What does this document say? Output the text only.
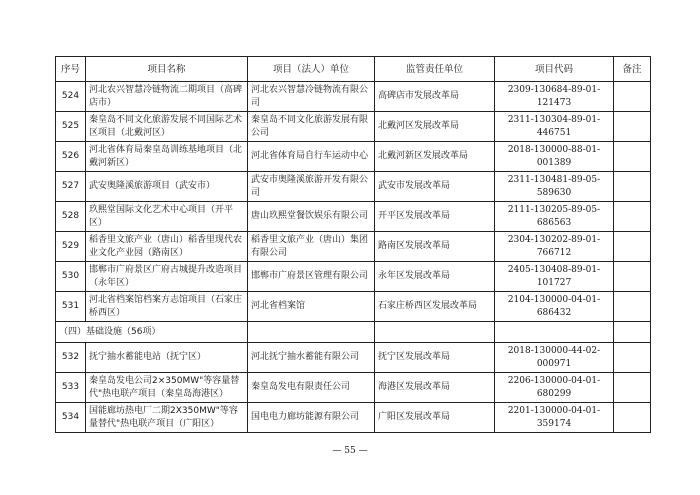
序号	项目名称	项目（法人）单位	监管责任单位	项目代码	备注
524	河北农兴智慧冷链物流二期项目（高碑店市）	河北农兴智慧冷链物流有限公司	高碑店市发展改革局	2309-130684-89-01-121473	
525	秦皇岛不同文化旅游发展不同国际艺术区项目（北戴河区）	秦皇岛不同文化旅游发展有限公司	北戴河区发展改革局	2311-130304-89-01-446751	
526	河北省体育局秦皇岛训练基地项目（北戴河新区）	河北省体育局自行车运动中心	北戴河新区发展改革局	2018-130000-88-01-001389	
527	武安奥隆溪旅游项目（武安市）	武安市奥隆溪旅游开发有限公司	武安市发展改革局	2311-130481-89-05-589630	
528	玖熙堂国际文化艺术中心项目（开平区）	唐山玖熙堂餐饮娱乐有限公司	开平区发展改革局	2111-130205-89-05-686563	
529	稻香里文旅产业（唐山）稻香里现代农业文化产业园（路南区）	稻香里文旅产业（唐山）集团有限公司	路南区发展改革局	2304-130202-89-01-766712	
530	邯郸市广府景区广府古城提升改造项目（永年区）	邯郸市广府景区管理有限公司	永年区发展改革局	2405-130408-89-01-101727	
531	河北省档案馆档案方志馆项目（石家庄桥西区）	河北省档案馆	石家庄桥西区发展改革局	2104-130000-04-01-686432	
（四）基础设施（56项）					
532	抚宁抽水蓄能电站（抚宁区）	河北抚宁抽水蓄能有限公司	抚宁区发展改革局	2018-130000-44-02-000971	
533	秦皇岛发电公司2×350MW"等容量替代"热电联产项目（秦皇岛海港区）	秦皇岛发电有限责任公司	海港区发展改革局	2206-130000-04-01-680299	
534	国能廊坊热电厂二期2X350MW"等容量替代"热电联产项目（广阳区）	国电电力廊坊能源有限公司	广阳区发展改革局	2201-130000-04-01-359174	
— 55 —
